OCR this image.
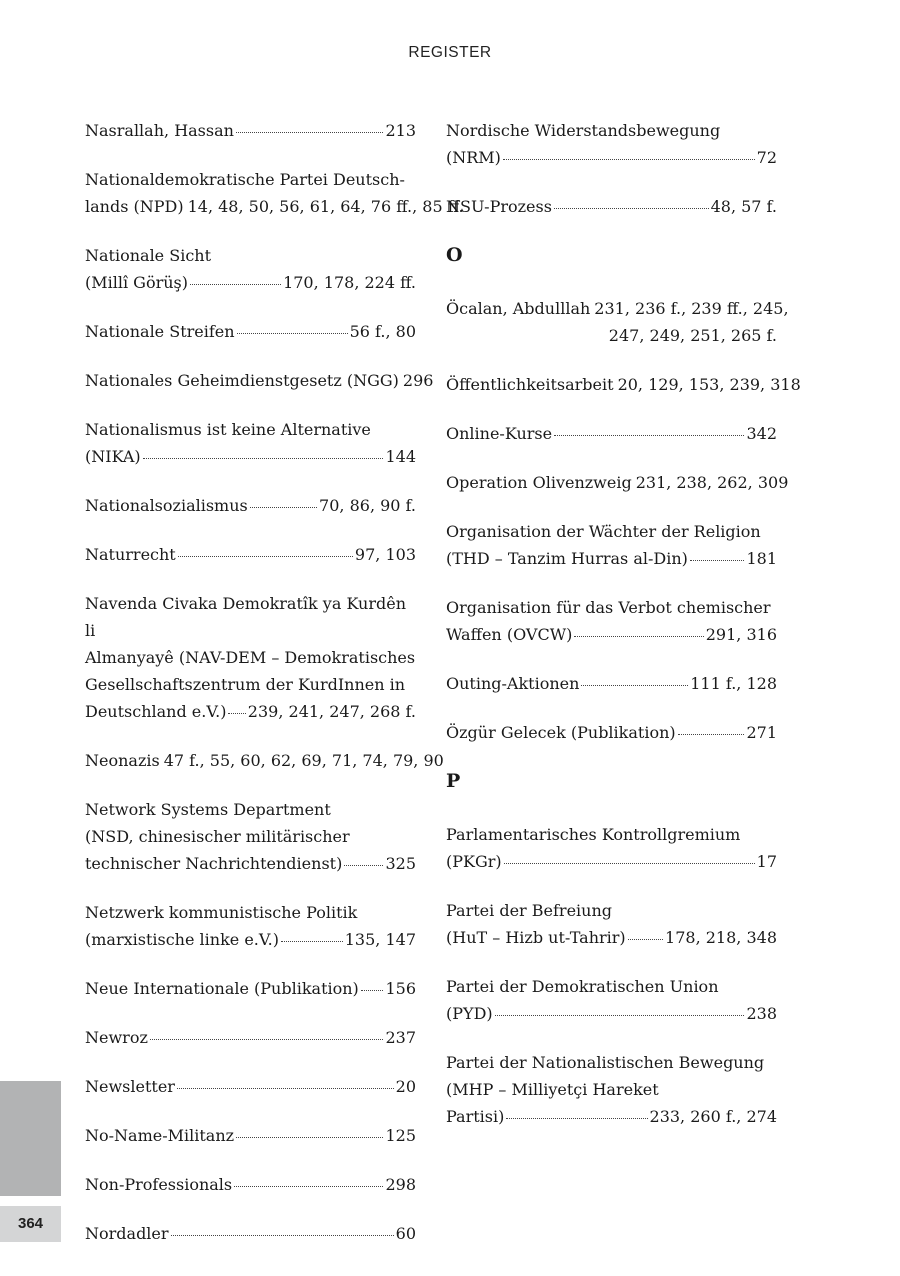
REGISTER
Nasrallah, Hassan	213
Nationaldemokratische Partei Deutsch-
lands (NPD) 14, 48, 50, 56, 61, 64, 76 ff., 85 ff.
Nationale Sicht
(Millî Görüş)	170, 178, 224 ff.
Nationale Streifen	56 f., 80
Nationales Geheimdienstgesetz (NGG) 296
Nationalismus ist keine Alternative
(NIKA)	144
Nationalsozialismus	70, 86, 90 f.
Naturrecht	97, 103
Navenda Civaka Demokratîk ya Kurdên li
Almanyayê (NAV-DEM – Demokratisches
Gesellschaftszentrum der KurdInnen in
Deutschland e.V.) 239, 241, 247, 268 f.
Neonazis 47 f., 55, 60, 62, 69, 71, 74, 79, 90
Network Systems Department
(NSD, chinesischer militärischer
technischer Nachrichtendienst)	325
Netzwerk kommunistische Politik
(marxistische linke e.V.)	135, 147
Neue Internationale (Publikation) 156
Newroz	237
Newsletter	20
No-Name-Militanz	125
Non-Professionals	298
Nordadler	60
Nordische Widerstandsbewegung
(NRM)	72
NSU-Prozess	48, 57 f.
O
Öcalan, Abdulllah 231, 236 f., 239 ff., 245,
247, 249, 251, 265 f.
Öffentlichkeitsarbeit 20, 129, 153, 239, 318
Online-Kurse	342
Operation Olivenzweig 231, 238, 262, 309
Organisation der Wächter der Religion
(THD – Tanzim Hurras al-Din)	181
Organisation für das Verbot chemischer
Waffen (OVCW)	291, 316
Outing-Aktionen	111 f., 128
Özgür Gelecek (Publikation)	271
P
Parlamentarisches Kontrollgremium
(PKGr)	17
Partei der Befreiung
(HuT – Hizb ut-Tahrir) 178, 218, 348
Partei der Demokratischen Union
(PYD)	238
Partei der Nationalistischen Bewegung
(MHP – Milliyetçi Hareket
Partisi)	233, 260 f., 274
364
